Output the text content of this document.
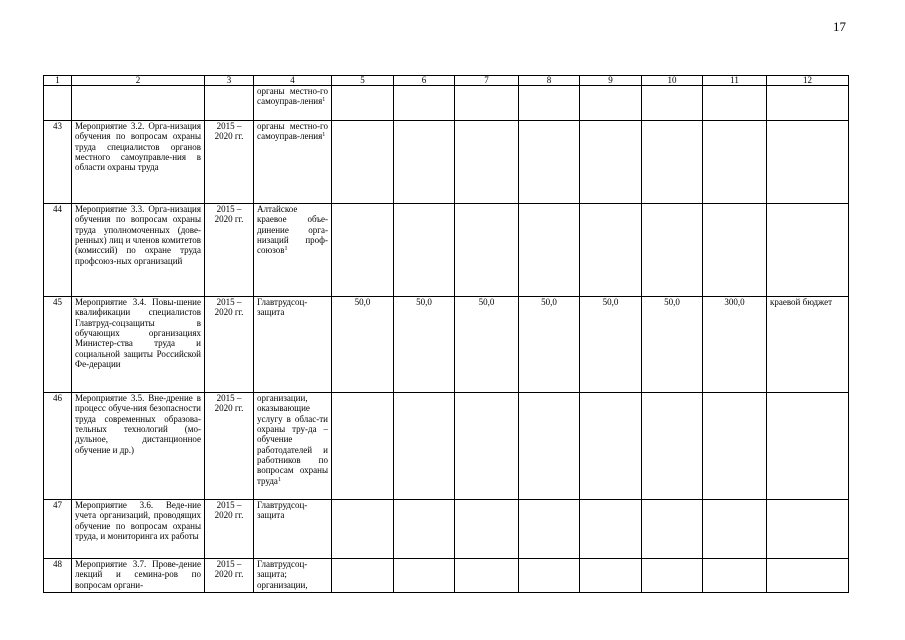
17
1	2	3	4	5	6	7	8	9	10	11	12
			органы местно-го самоуправ-ления$^1$								
43	Мероприятие 3.2. Орга-низация обучения по вопросам охраны труда специалистов органов местного самоуправле-ния в области охраны труда	2015 – 2020 гг.	органы местно-го самоуправ-ления$^1$								
44	Мероприятие 3.3. Орга-низация обучения по вопросам охраны труда уполномоченных (дове-ренных) лиц и членов комитетов (комиссий) по охране труда профсоюз-ных организаций	2015 – 2020 гг.	Алтайское краевое объе-динение орга-низаций проф-союзов$^1$								
45	Мероприятие 3.4. Повы-шение квалификации специалистов Главтруд-соцзащиты в обучающих организациях Министер-ства труда и социальной защиты Российской Фе-дерации	2015 – 2020 гг.	Главтрудсоц-защита	50,0	50,0	50,0	50,0	50,0	50,0	300,0	краевой бюджет
46	Мероприятие 3.5. Вне-дрение в процесс обуче-ния безопасности труда современных образова-тельных технологий (мо-дульное, дистанционное обучение и др.)	2015 – 2020 гг.	организации, оказывающие услугу в облас-ти охраны тру-да – обучение работодателей и работников по вопросам охраны труда$^1$								
47	Мероприятие 3.6. Веде-ние учета организаций, проводящих обучение по вопросам охраны труда, и мониторинга их работы	2015 – 2020 гг.	Главтрудсоц-защита								
48	Мероприятие 3.7. Прове-дение лекций и семина-ров по вопросам органи-	2015 – 2020 гг.	Главтрудсоц-защита; организации,								
